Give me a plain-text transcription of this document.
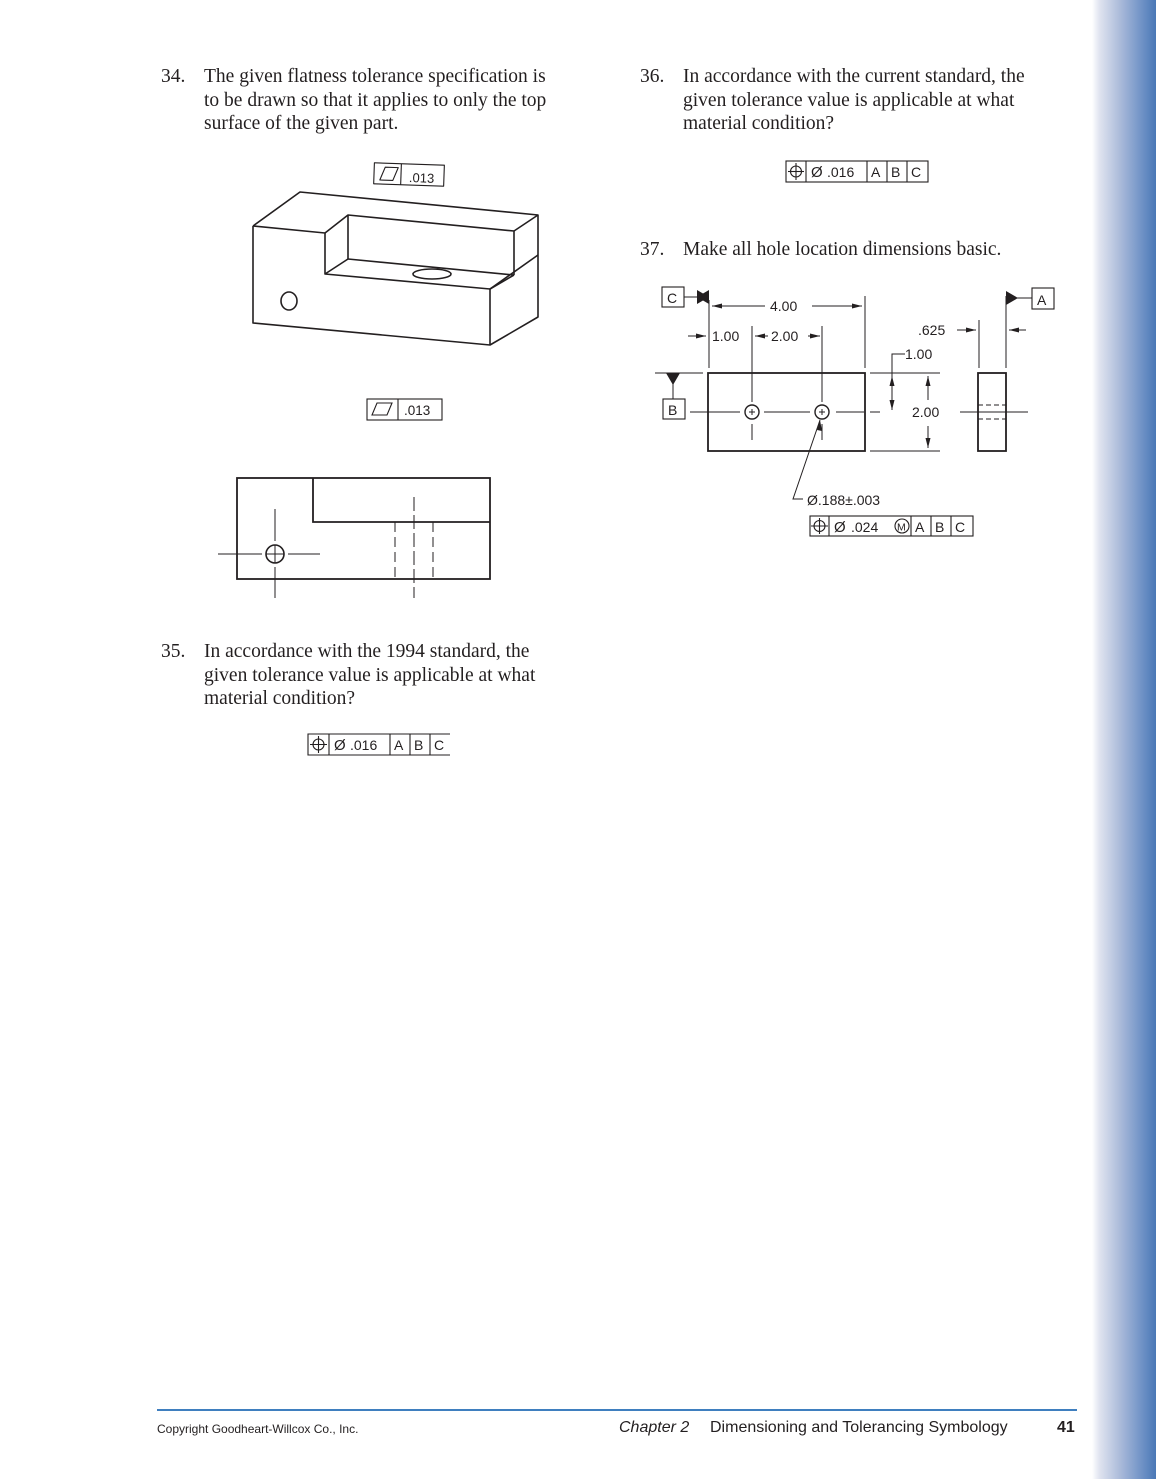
34. The given flatness tolerance specification is
to be drawn so that it applies to only the top
surface of the given part.
.013
.013
Ø .016 A B C
Ø .016 A B C
C
B
A
4.00
1.00 2.00	.625
1.00
2.00
Ø.188±.003
Ø .024 M A B C
35. In accordance with the 1994 standard, the
given tolerance value is applicable at what
material condition?
36. In accordance with the current standard, the
given tolerance value is applicable at what
material condition?
37. Make all hole location dimensions basic.
Copyright Goodheart-Willcox Co., Inc.	Chapter 2 Dimensioning and Tolerancing Symbology	41
